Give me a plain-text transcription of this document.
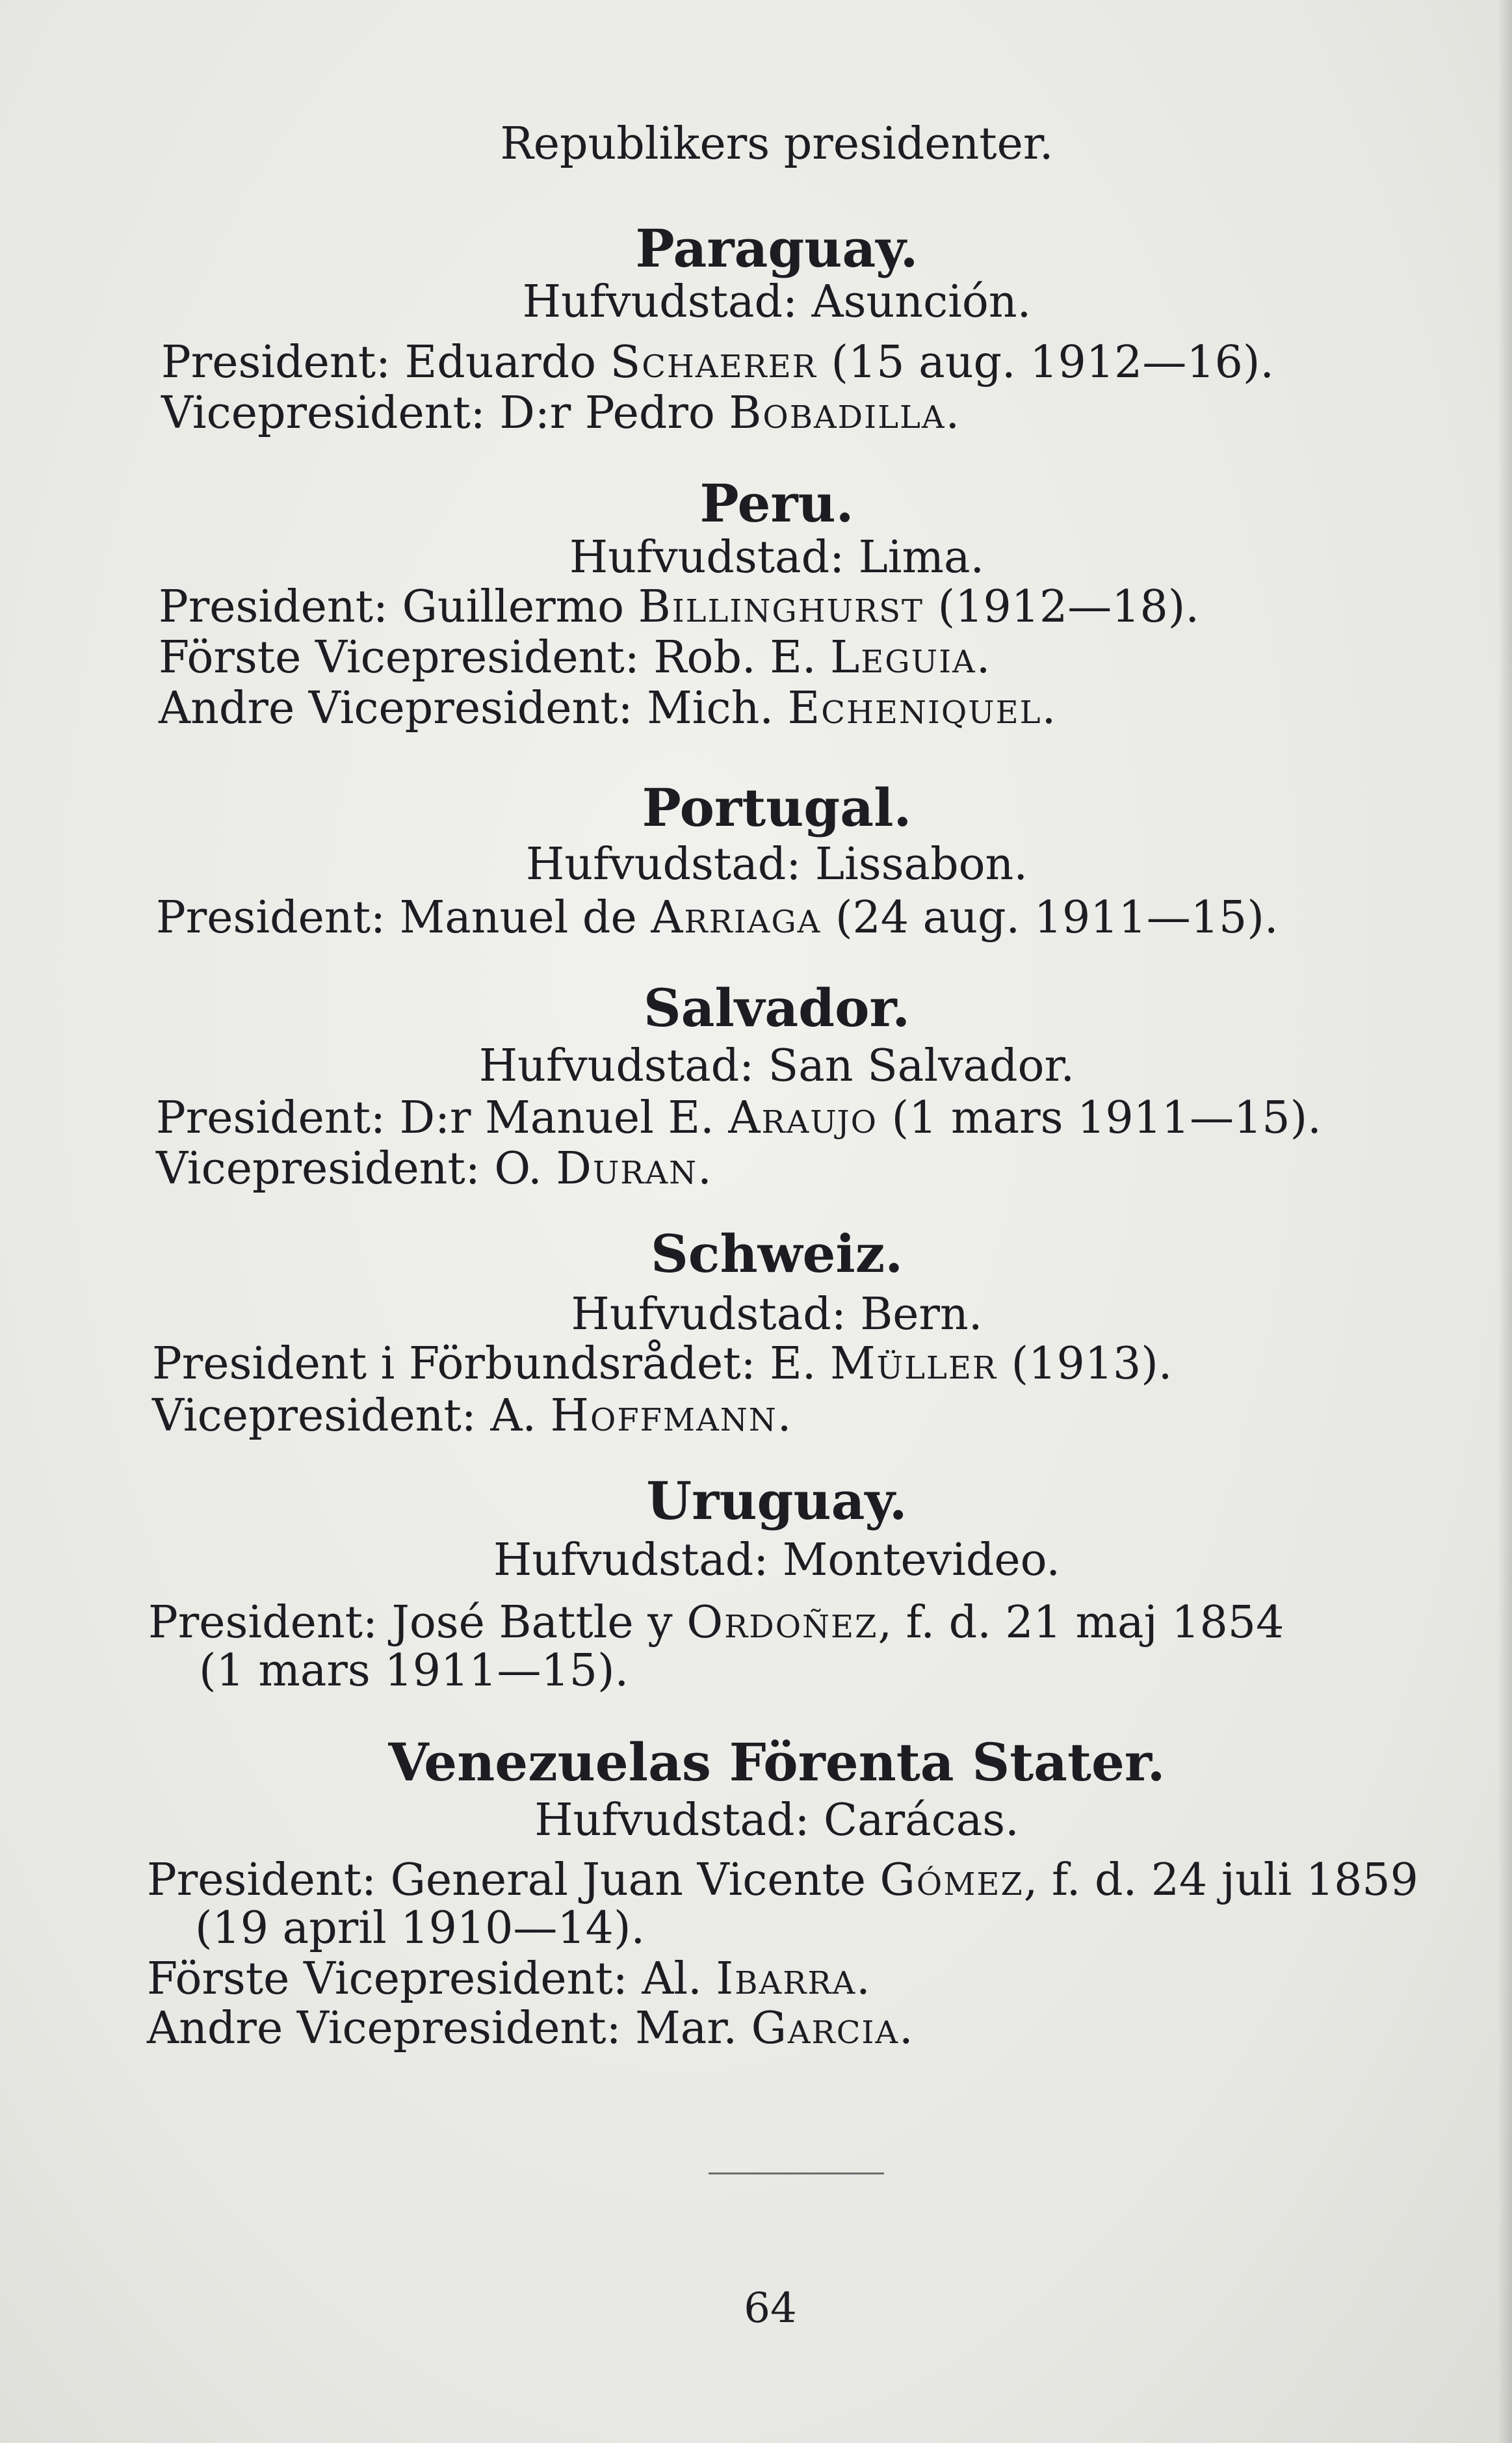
Republikers presidenter.
Paraguay.
Hufvudstad: Asunción.
President: Eduardo Schaerer (15 aug. 1912—16).
Vicepresident: D:r Pedro Bobadilla.
Peru.
Hufvudstad: Lima.
President: Guillermo Billinghurst (1912—18).
Förste Vicepresident: Rob. E. Leguia.
Andre Vicepresident: Mich. Echeniquel.
Portugal.
Hufvudstad: Lissabon.
President: Manuel de Arriaga (24 aug. 1911—15).
Salvador.
Hufvudstad: San Salvador.
President: D:r Manuel E. Araujo (1 mars 1911—15).
Vicepresident: O. Duran.
Schweiz.
Hufvudstad: Bern.
President i Förbundsrådet: E. Müller (1913).
Vicepresident: A. Hoffmann.
Uruguay.
Hufvudstad: Montevideo.
President: José Battle y Ordoñez, f. d. 21 maj 1854
(1 mars 1911—15).
Venezuelas Förenta Stater.
Hufvudstad: Carácas.
President: General Juan Vicente Gómez, f. d. 24 juli 1859
(19 april 1910—14).
Förste Vicepresident: Al. Ibarra.
Andre Vicepresident: Mar. Garcia.
64
